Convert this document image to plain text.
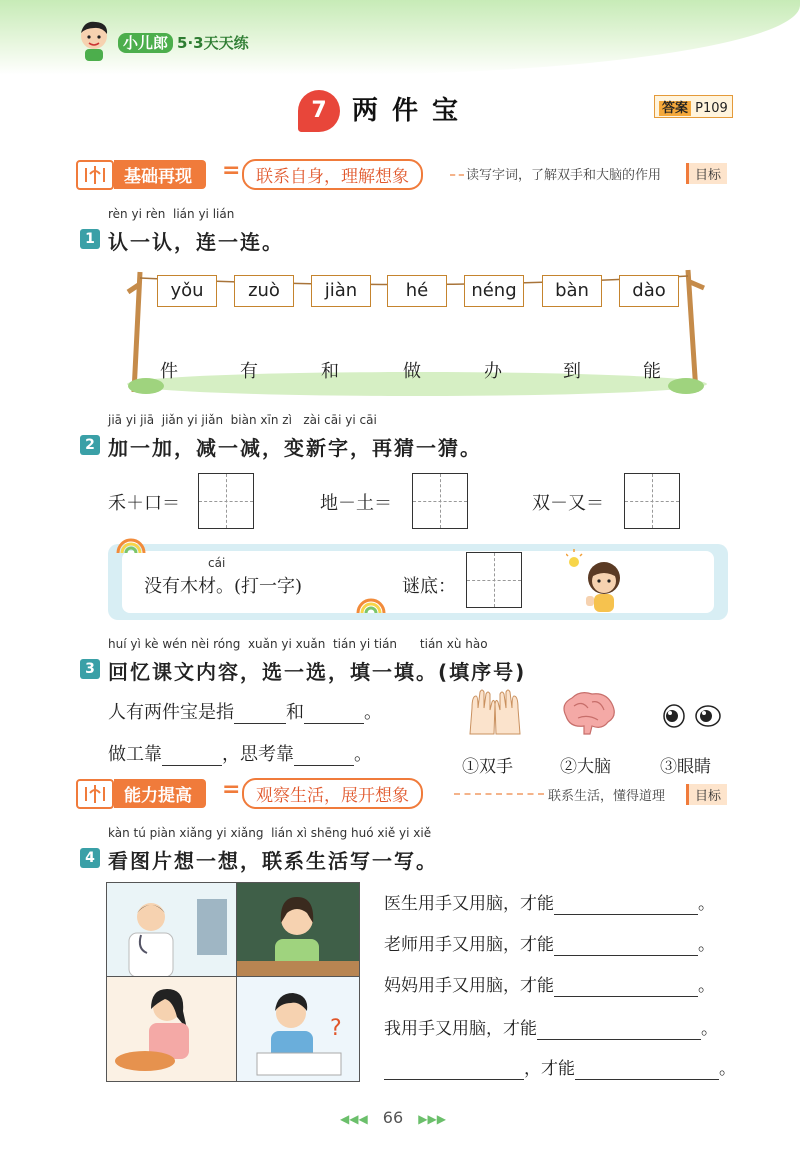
小儿郎 5·3天天练
7 两件宝	答案 P109
基础再现	= 联系自身，理解想象	读写字词，了解双手和大脑的作用	目标
rèn yi rèn  lián yi lián
1 认一认，连一连。
yǒu	zuò	jiàn	hé	néng	bàn	dào
件	有	和	做	办	到	能
jiā yi jiā  jiǎn yi jiǎn  biàn xīn zì   zài cāi yi cāi
2 加一加，减一减，变新字，再猜一猜。
禾＋口＝	地－土＝	双－又＝
cái
没有木材。(打一字)	谜底：
huí yì kè wén nèi róng  xuǎn yi xuǎn  tián yi tián      tián xù hào
3 回忆课文内容，选一选，填一填。(填序号)
人有两件宝是指	和	。
做工靠	，思考靠	。
①双手	②大脑	③眼睛
能力提高	= 观察生活，展开想象	联系生活，懂得道理	目标
kàn tú piàn xiǎng yi xiǎng  lián xì shēng huó xiě yi xiě
4 看图片想一想，联系生活写一写。
?
医生用手又用脑，才能	。
老师用手又用脑，才能	。
妈妈用手又用脑，才能	。
我用手又用脑，才能	。
，才能	。
◀◀◀ 66 ▶▶▶
